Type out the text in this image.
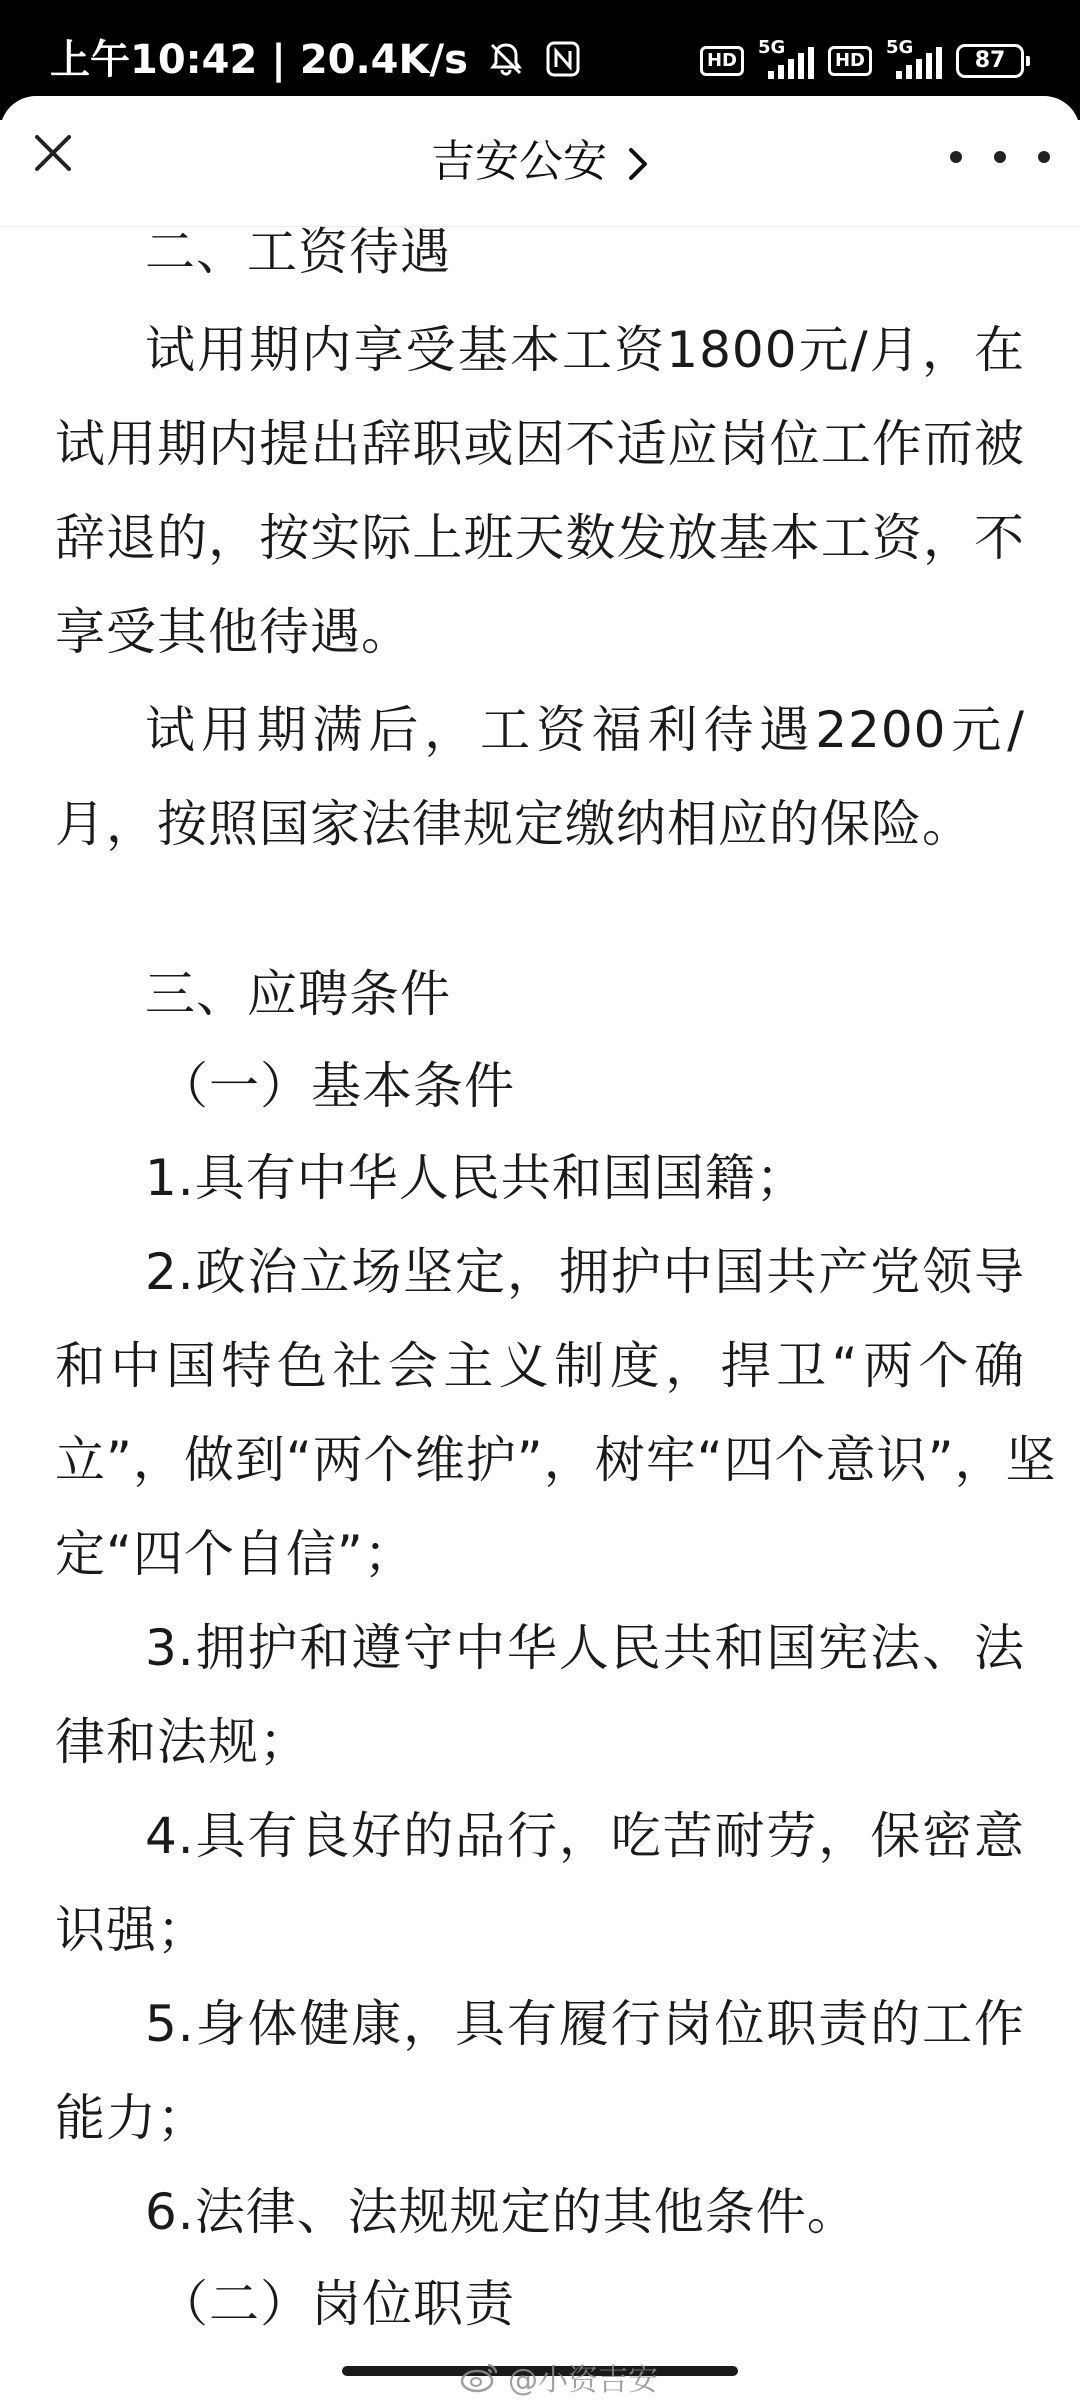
上午10:42 | 20.4K/s	HD
5G
HD
5G
87
吉安公安
二、工资待遇
试用期内享受基本工资1800元/月，在
试用期内提出辞职或因不适应岗位工作而被
辞退的，按实际上班天数发放基本工资，不
享受其他待遇。
试用期满后，工资福利待遇2200元/
月，按照国家法律规定缴纳相应的保险。
三、应聘条件
（一）基本条件
1.具有中华人民共和国国籍；
2.政治立场坚定，拥护中国共产党领导
和中国特色社会主义制度，捍卫“两个确
立”，做到“两个维护”，树牢“四个意识”，坚
定“四个自信”；
3.拥护和遵守中华人民共和国宪法、法
律和法规；
4.具有良好的品行，吃苦耐劳，保密意
识强；
5.身体健康，具有履行岗位职责的工作
能力；
6.法律、法规规定的其他条件。
（二）岗位职责
@小资吉安
